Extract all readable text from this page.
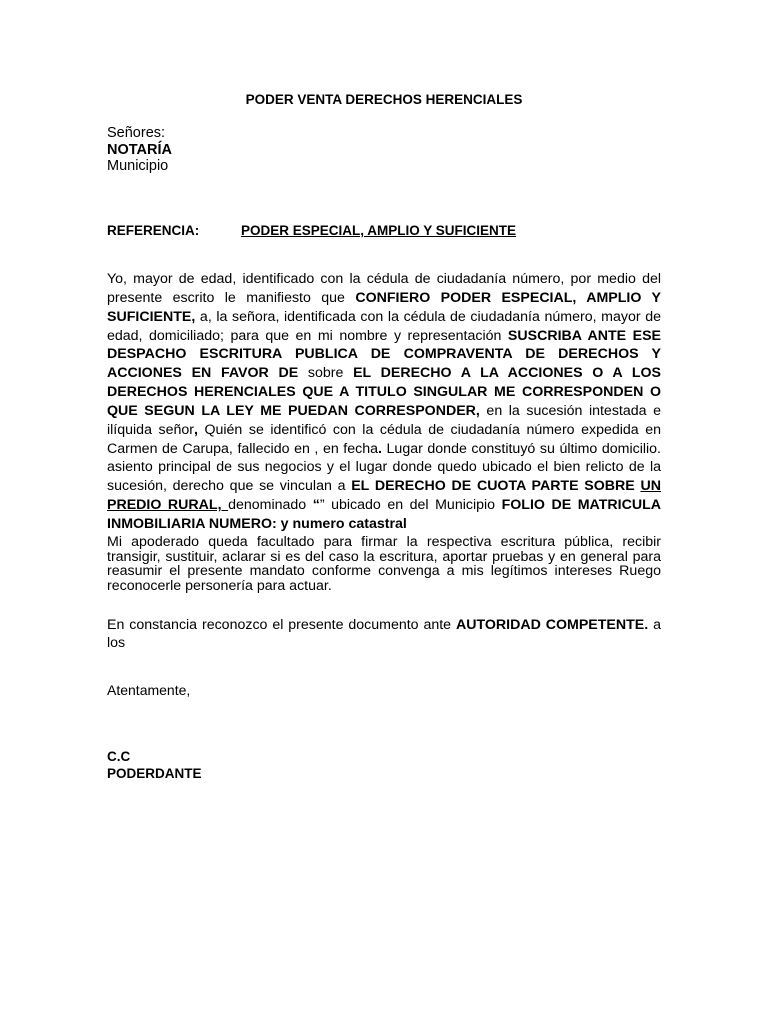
PODER VENTA DERECHOS HERENCIALES
Señores:
NOTARÍA
Municipio
REFERENCIA:	PODER ESPECIAL, AMPLIO Y SUFICIENTE
Yo, mayor de edad, identificado con la cédula de ciudadanía número, por medio del presente escrito le manifiesto que CONFIERO PODER ESPECIAL, AMPLIO Y SUFICIENTE, a, la señora, identificada con la cédula de ciudadanía número, mayor de edad, domiciliado; para que en mi nombre y representación SUSCRIBA ANTE ESE DESPACHO ESCRITURA PUBLICA DE COMPRAVENTA DE DERECHOS Y ACCIONES EN FAVOR DE sobre EL DERECHO A LA ACCIONES O A LOS DERECHOS HERENCIALES QUE A TITULO SINGULAR ME CORRESPONDEN O QUE SEGUN LA LEY ME PUEDAN CORRESPONDER, en la sucesión intestada e ilíquida señor, Quién se identificó con la cédula de ciudadanía número expedida en Carmen de Carupa, fallecido en , en fecha. Lugar donde constituyó su último domicilio. asiento principal de sus negocios y el lugar donde quedo ubicado el bien relicto de la sucesión, derecho que se vinculan a EL DERECHO DE CUOTA PARTE SOBRE UN PREDIO RURAL, denominado “” ubicado en del Municipio FOLIO DE MATRICULA INMOBILIARIA NUMERO: y numero catastral
Mi apoderado queda facultado para firmar la respectiva escritura pública, recibir transigir, sustituir, aclarar si es del caso la escritura, aportar pruebas y en general para reasumir el presente mandato conforme convenga a mis legítimos intereses Ruego reconocerle personería para actuar.
En constancia reconozco el presente documento ante AUTORIDAD COMPETENTE. a los
Atentamente,
C.C
PODERDANTE
